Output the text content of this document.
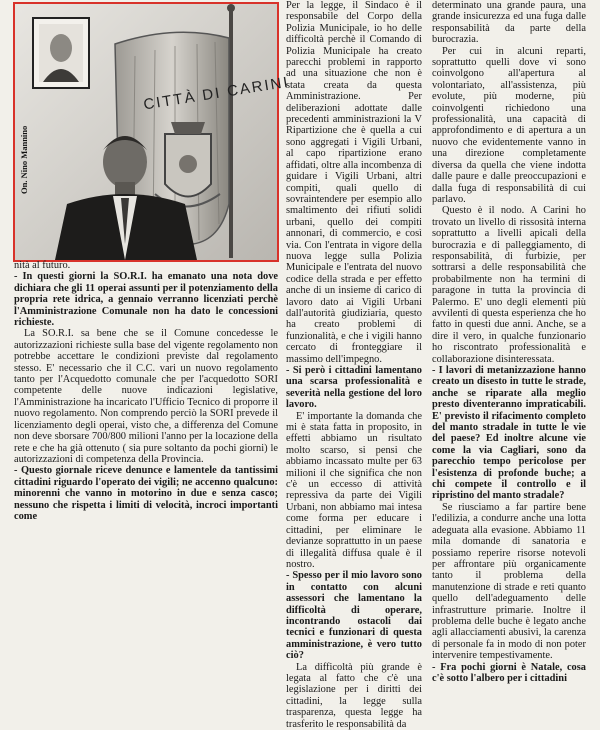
CITTÀ DI CARINI
On. Nino Mannino

nità al futuro.

- In questi giorni la SO.R.I. ha emanato una nota dove dichiara che gli 11 operai assunti per il potenziamento della propria rete idrica, a gennaio verranno licenziati perchè l'Amministrazione Comunale non ha dato le concessioni richieste.

La SO.R.I. sa bene che se il Comune concedesse le autorizzazioni richieste sulla base del vigente regolamento non potrebbe accettare le condizioni previste dal regolamento stesso. E' necessario che il C.C. vari un nuovo regolamento tanto per l'Acquedotto comunale che per l'acquedotto SORI competente delle nuove indicazioni legislative, l'Amministrazione ha incaricato l'Ufficio Tecnico di proporre il nuovo regolamento. Non comprendo perciò la SORI prevede il licenziamento degli operai, visto che, a differenza del Comune non deve sborsare 700/800 milioni l'anno per la locazione della rete e che ha già ottenuto ( sia pure soltanto da pochi giorni) le autorizzazioni di competenza della Provincia.

- Questo giornale riceve denunce e lamentele da tantissimi cittadini riguardo l'operato dei vigili; ne accenno qualcuno: minorenni che vanno in motorino in due e senza casco; nessuno che rispetta i limiti di velocità, incroci importanti come

Per la legge, il Sindaco è il responsabile del Corpo della Polizia Municipale, io ho delle difficoltà perchè il Comando di Polizia Municipale ha creato parecchi problemi in rapporto ad una situazione che non è stata creata da questa Amministrazione. Per deliberazioni adottate dalle precedenti amministrazioni la V Ripartizione che è quella a cui sono aggregati i Vigili Urbani, al capo ripartizione erano affidati, oltre alla incombenza di guidare i Vigili Urbani, altri compiti, quali quello di sovraintendere per esempio allo smaltimento dei rifiuti solidi urbani, quello dei compiti annonari, di commercio, e così via. Con l'entrata in vigore della nuova legge sulla Polizia Municipale e l'entrata del nuovo codice della strada e per effetto anche di un insieme di carico di lavoro dato ai Vigili Urbani dall'autorità giudiziaria, questo ha creato problemi di funzionalità, e che i vigili hanno cercato di fronteggiare il massimo dell'impegno.

- Si però i cittadini lamentano una scarsa professionalità e severità nella gestione del loro lavoro.

E' importante la domanda che mi è stata fatta in proposito, in effetti abbiamo un risultato molto scarso, si pensi che abbiamo incassato multe per 63 milioni il che significa che non c'è un eccesso di attività repressiva da parte dei Vigili Urbani, non abbiamo mai intesa come forma per educare i cittadini, per eliminare le devianze soprattutto in un paese di illegalità diffusa quale è il nostro.

- Spesso per il mio lavoro sono in contatto con alcuni assessori che lamentano la difficoltà di operare, incontrando ostacoli dai tecnici e funzionari di questa amministrazione, è vero tutto ciò?

La difficoltà più grande è legata al fatto che c'è una legislazione per i diritti dei cittadini, la legge sulla trasparenza, questa legge ha trasferito le responsabilità da

determinato una grande paura, una grande insicurezza ed una fuga dalle responsabilità da parte della burocrazia.

Per cui in alcuni reparti, soprattutto quelli dove vi sono coinvolgono all'apertura al volontariato, all'assistenza, più evolute, più moderne, più coinvolgenti richiedono una professionalità, una capacità di approfondimento e di apertura a un nuovo che evidentemente vanno in una direzione completamente diversa da quella che viene indotta dalle paure e dalle preoccupazioni e dalla fuga di responsabilità di cui parlavo.

Questo è il nodo. A Carini ho trovato un livello di rissosità interna soprattutto a livelli apicali della burocrazia e di palleggiamento, di responsabilità, di furbizie, per sottrarsi a delle responsabilità che probabilmente non ha termini di paragone in tutta la provincia di Palermo. E' uno degli elementi più avvilenti di questa esperienza che ho fatto in questi due anni. Anche, se a dire il vero, in qualche funzionario ho riscontrato professionalità e collaborazione disinteressata.

- I lavori di metanizzazione hanno creato un disesto in tutte le strade, anche se riparate alla meglio presto diventeranno impraticabili. E' previsto il rifacimento completo del manto stradale in tutte le vie del paese? Ed inoltre alcune vie come la via Cagliari, sono da parecchio tempo pericolose per l'esistenza di profonde buche; a chi compete il controllo e il ripristino del manto stradale?

Se riusciamo a far partire bene l'edilizia, a condurre anche una lotta adeguata alla evasione. Abbiamo 11 mila domande di sanatoria e possiamo reperire risorse notevoli per affrontare più organicamente tanto il problema della manutenzione di strade e reti quanto quello dell'adeguamento delle infrastrutture primarie. Inoltre il problema delle buche è legato anche agli allacciamenti abusivi, la carenza di personale fa in modo di non poter intervenire tempestivamente.

- Fra pochi giorni è Natale, cosa c'è sotto l'albero per i cittadini
